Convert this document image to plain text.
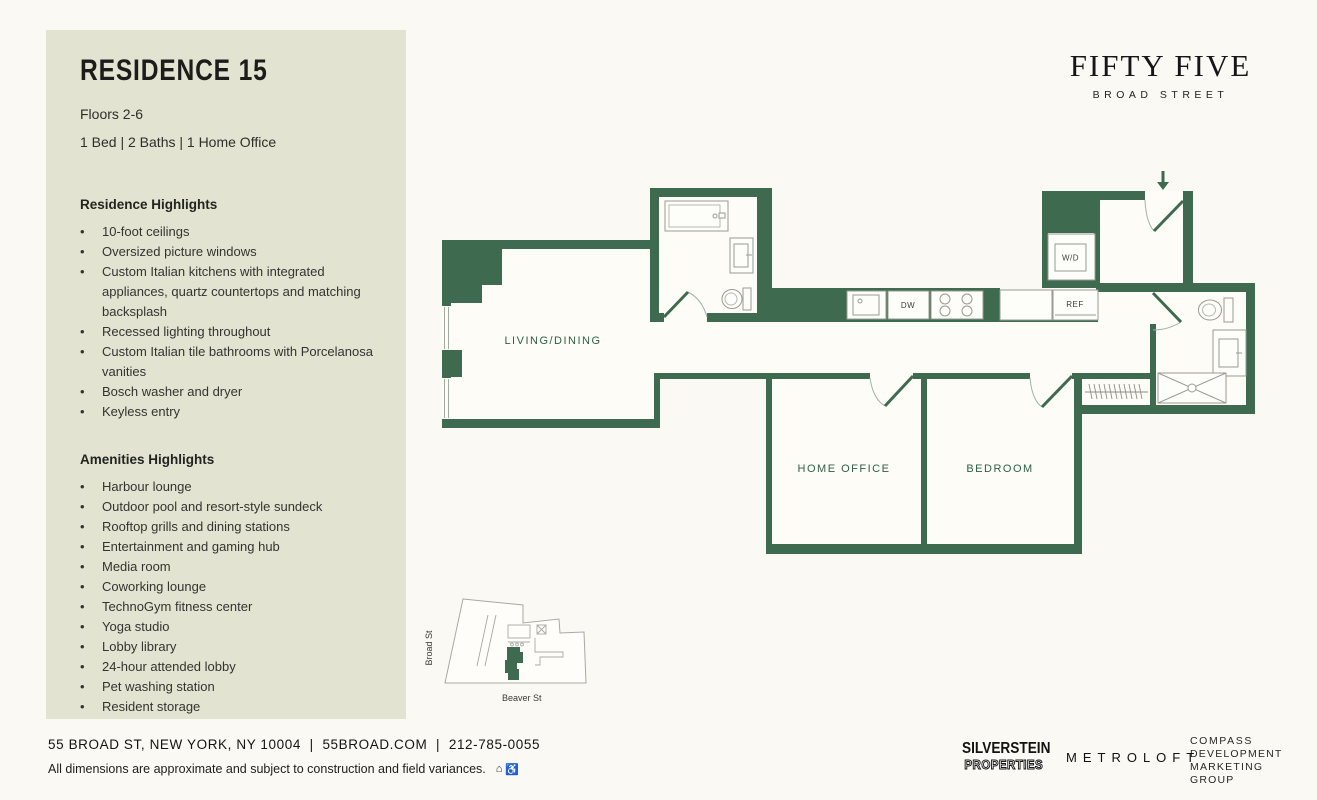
RESIDENCE 15
Floors 2-6
1 Bed | 2 Baths | 1 Home Office
Residence Highlights
•	10-foot ceilings
•	Oversized picture windows
•	Custom Italian kitchens with integrated appliances, quartz countertops and matching backsplash
•	Recessed lighting throughout
•	Custom Italian tile bathrooms with Porcelanosa vanities
•	Bosch washer and dryer
•	Keyless entry
Amenities Highlights
•	Harbour lounge
•	Outdoor pool and resort-style sundeck
•	Rooftop grills and dining stations
•	Entertainment and gaming hub
•	Media room
•	Coworking lounge
•	TechnoGym fitness center
•	Yoga studio
•	Lobby library
•	24-hour attended lobby
•	Pet washing station
•	Resident storage
FIFTY FIVE
BROAD STREET
DW	REF
W/D
LIVING/DINING
HOME OFFICE	BEDROOM
Broad St
Beaver St
55 BROAD ST, NEW YORK, NY 10004  |  55BROAD.COM  |  212-785-0055
All dimensions are approximate and subject to construction and field variances. ⌂ ♿
SILVERSTEIN
PROPERTIES	METROLOFT
COMPASS
DEVELOPMENT
MARKETING
GROUP
